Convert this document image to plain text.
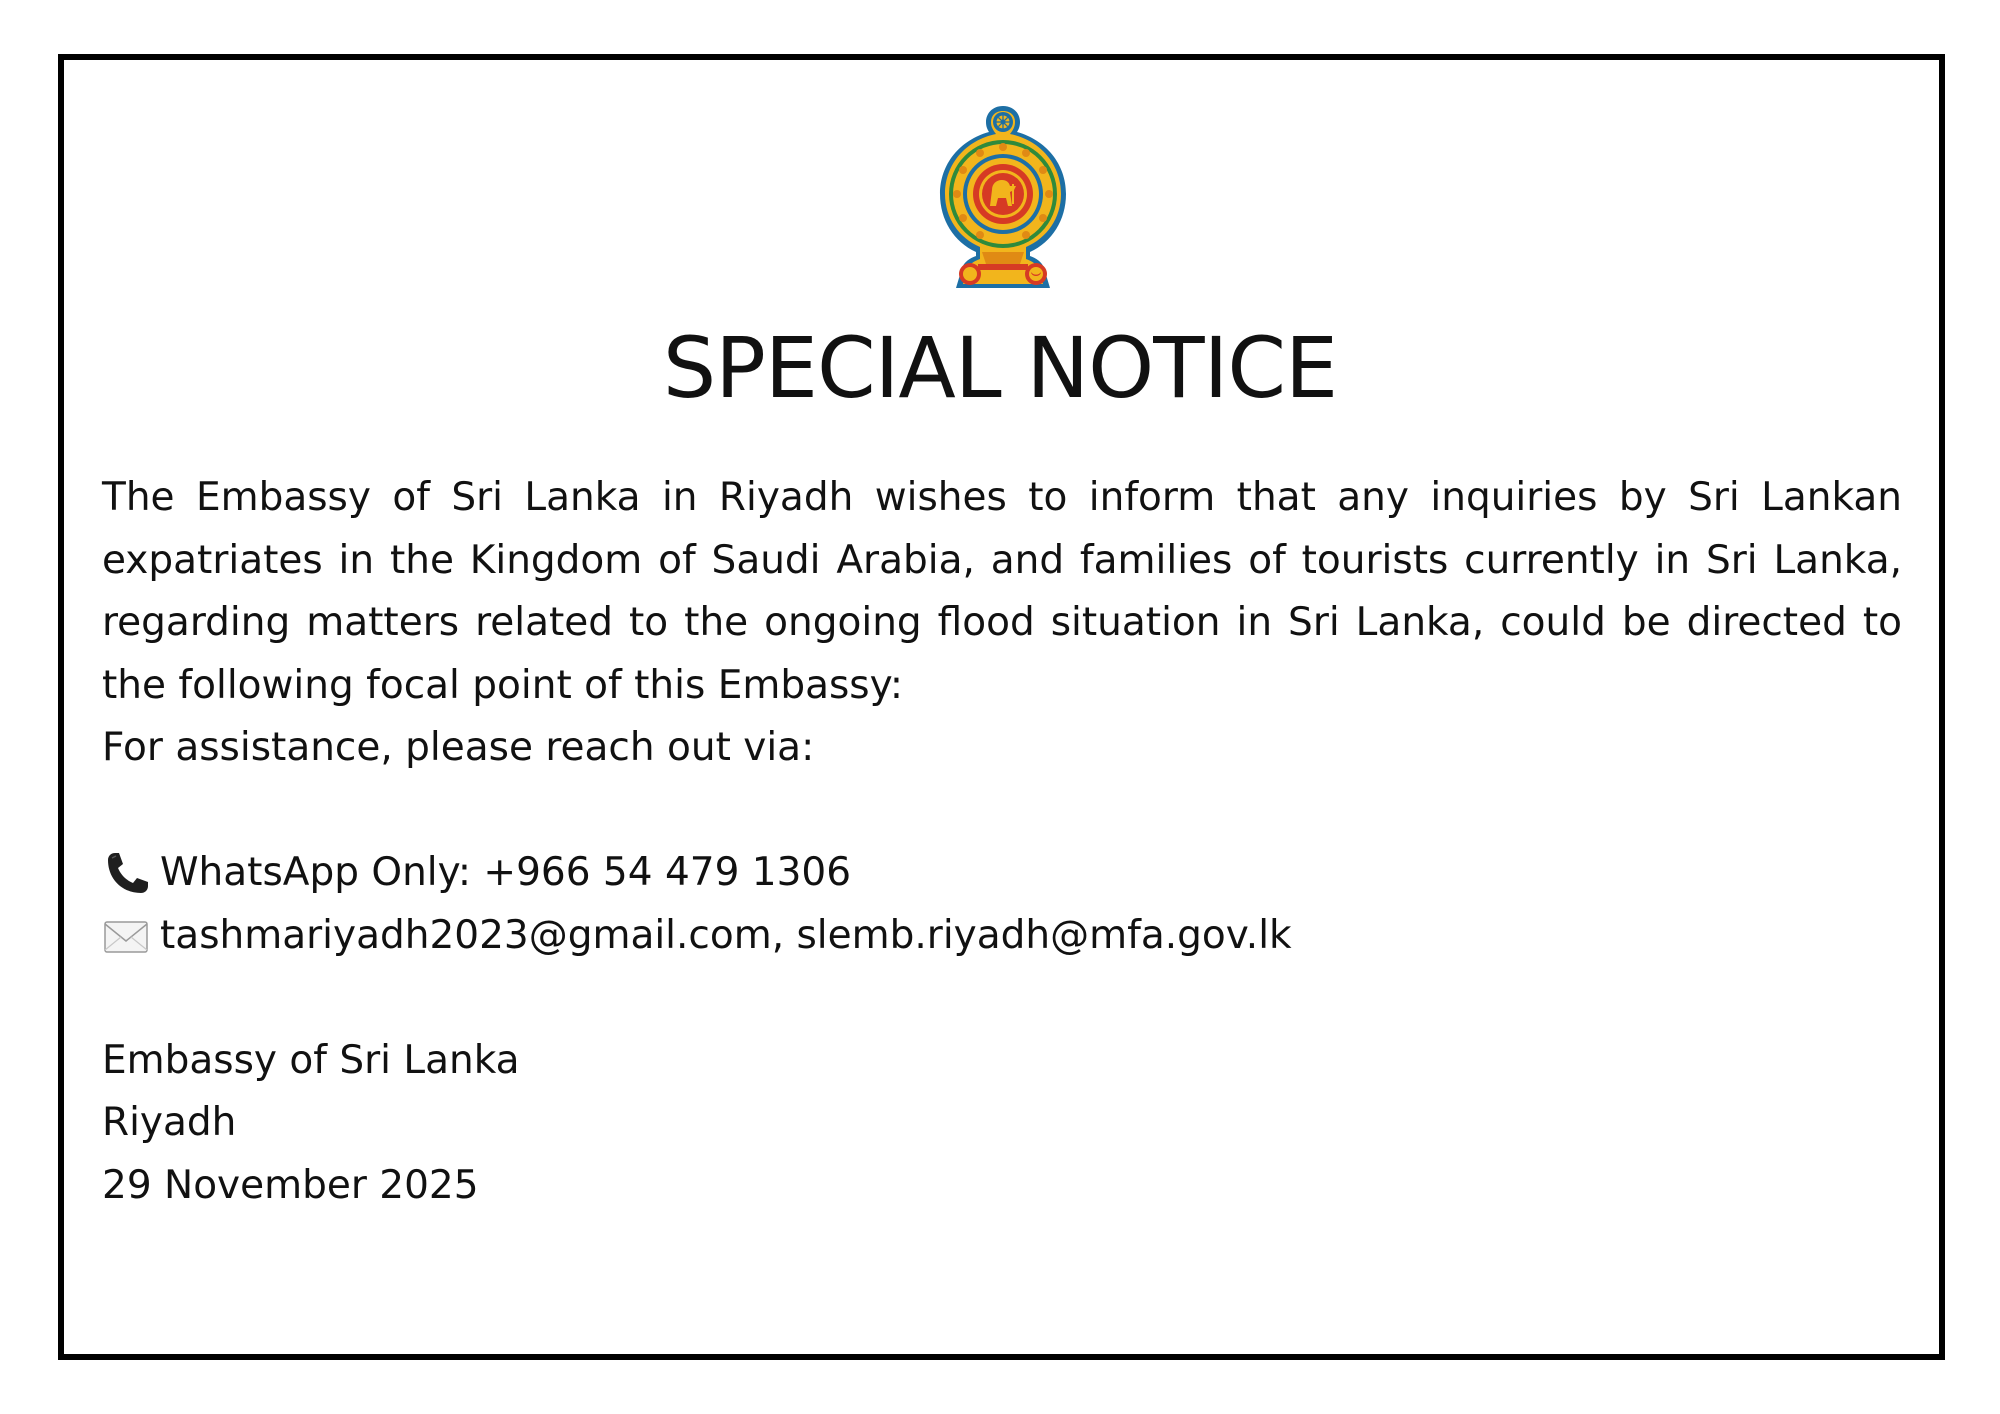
SPECIAL NOTICE

The Embassy of Sri Lanka in Riyadh wishes to inform that any inquiries by Sri Lankan expatriates in the Kingdom of Saudi Arabia, and families of tourists currently in Sri Lanka, regarding matters related to the ongoing flood situation in Sri Lanka, could be directed to the following focal point of this Embassy:

For assistance, please reach out via:

WhatsApp Only: +966 54 479 1306
tashmariyadh2023@gmail.com, slemb.riyadh@mfa.gov.lk

Embassy of Sri Lanka

Riyadh

29 November 2025
